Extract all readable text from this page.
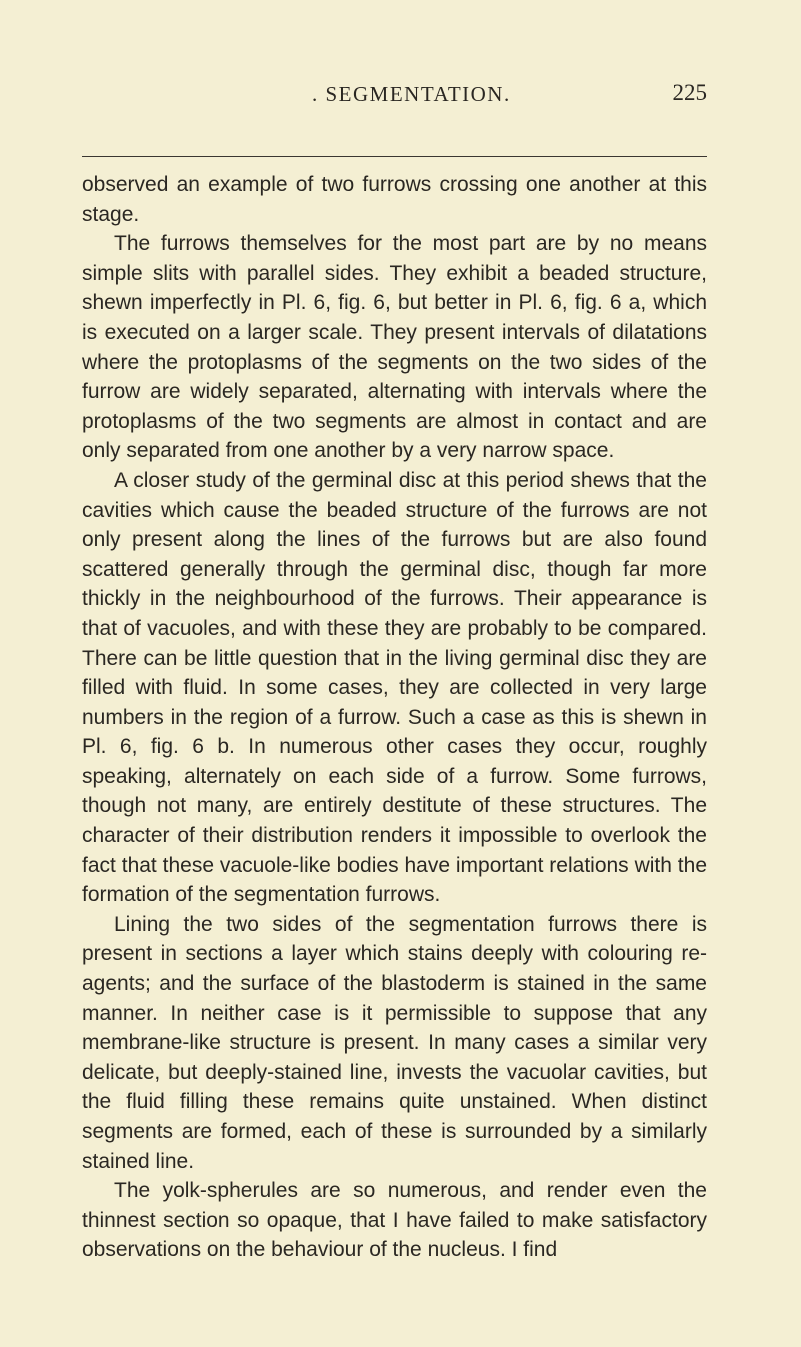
. SEGMENTATION.	225

observed an example of two furrows crossing one another at this stage.

The furrows themselves for the most part are by no means simple slits with parallel sides. They exhibit a beaded structure, shewn imperfectly in Pl. 6, fig. 6, but better in Pl. 6, fig. 6 a, which is executed on a larger scale. They present intervals of dilatations where the protoplasms of the segments on the two sides of the furrow are widely separated, alternating with intervals where the protoplasms of the two segments are almost in contact and are only separated from one another by a very narrow space.

A closer study of the germinal disc at this period shews that the cavities which cause the beaded structure of the furrows are not only present along the lines of the furrows but are also found scattered generally through the germinal disc, though far more thickly in the neighbourhood of the furrows. Their appearance is that of vacuoles, and with these they are probably to be compared. There can be little question that in the living germinal disc they are filled with fluid. In some cases, they are collected in very large numbers in the region of a furrow. Such a case as this is shewn in Pl. 6, fig. 6 b. In numerous other cases they occur, roughly speaking, alternately on each side of a furrow. Some furrows, though not many, are entirely destitute of these structures. The character of their distribution renders it impossible to overlook the fact that these vacuole-like bodies have important relations with the formation of the segmentation furrows.

Lining the two sides of the segmentation furrows there is present in sections a layer which stains deeply with colouring re-agents; and the surface of the blastoderm is stained in the same manner. In neither case is it permissible to suppose that any membrane-like structure is present. In many cases a similar very delicate, but deeply-stained line, invests the vacuolar cavities, but the fluid filling these remains quite unstained. When distinct segments are formed, each of these is surrounded by a similarly stained line.

The yolk-spherules are so numerous, and render even the thinnest section so opaque, that I have failed to make satisfactory observations on the behaviour of the nucleus. I find
